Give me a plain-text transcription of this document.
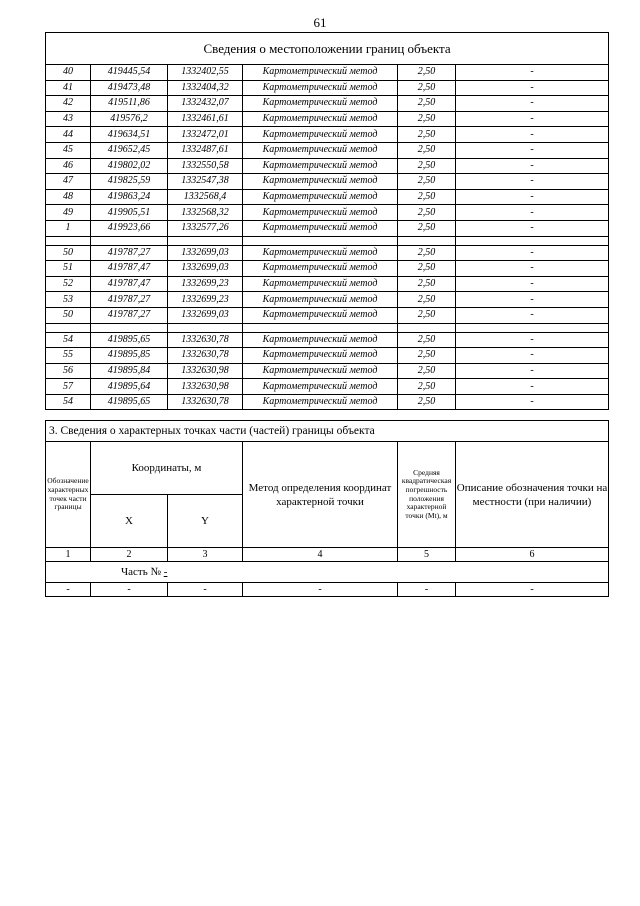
61
Сведения о местоположении границ объекта					
40	419445,54	1332402,55	Картометрический метод	2,50	-
41	419473,48	1332404,32	Картометрический метод	2,50	-
42	419511,86	1332432,07	Картометрический метод	2,50	-
43	419576,2	1332461,61	Картометрический метод	2,50	-
44	419634,51	1332472,01	Картометрический метод	2,50	-
45	419652,45	1332487,61	Картометрический метод	2,50	-
46	419802,02	1332550,58	Картометрический метод	2,50	-
47	419825,59	1332547,38	Картометрический метод	2,50	-
48	419863,24	1332568,4	Картометрический метод	2,50	-
49	419905,51	1332568,32	Картометрический метод	2,50	-
1	419923,66	1332577,26	Картометрический метод	2,50	-

50	419787,27	1332699,03	Картометрический метод	2,50	-
51	419787,47	1332699,03	Картометрический метод	2,50	-
52	419787,47	1332699,23	Картометрический метод	2,50	-
53	419787,27	1332699,23	Картометрический метод	2,50	-
50	419787,27	1332699,03	Картометрический метод	2,50	-

54	419895,65	1332630,78	Картометрический метод	2,50	-
55	419895,85	1332630,78	Картометрический метод	2,50	-
56	419895,84	1332630,98	Картометрический метод	2,50	-
57	419895,64	1332630,98	Картометрический метод	2,50	-
54	419895,65	1332630,78	Картометрический метод	2,50	-
3. Сведения о характерных точках части (частей) границы объекта					
Обозначение характерных точек части границы	Координаты, м		Метод определения координат характерной точки	Средняя квадратическая погрешность положения характерной точки (Мt), м	Описание обозначения точки на местности (при наличии)
	X	Y			
1	2	3	4	5	6
Часть № -					
-	-	-	-	-	-
